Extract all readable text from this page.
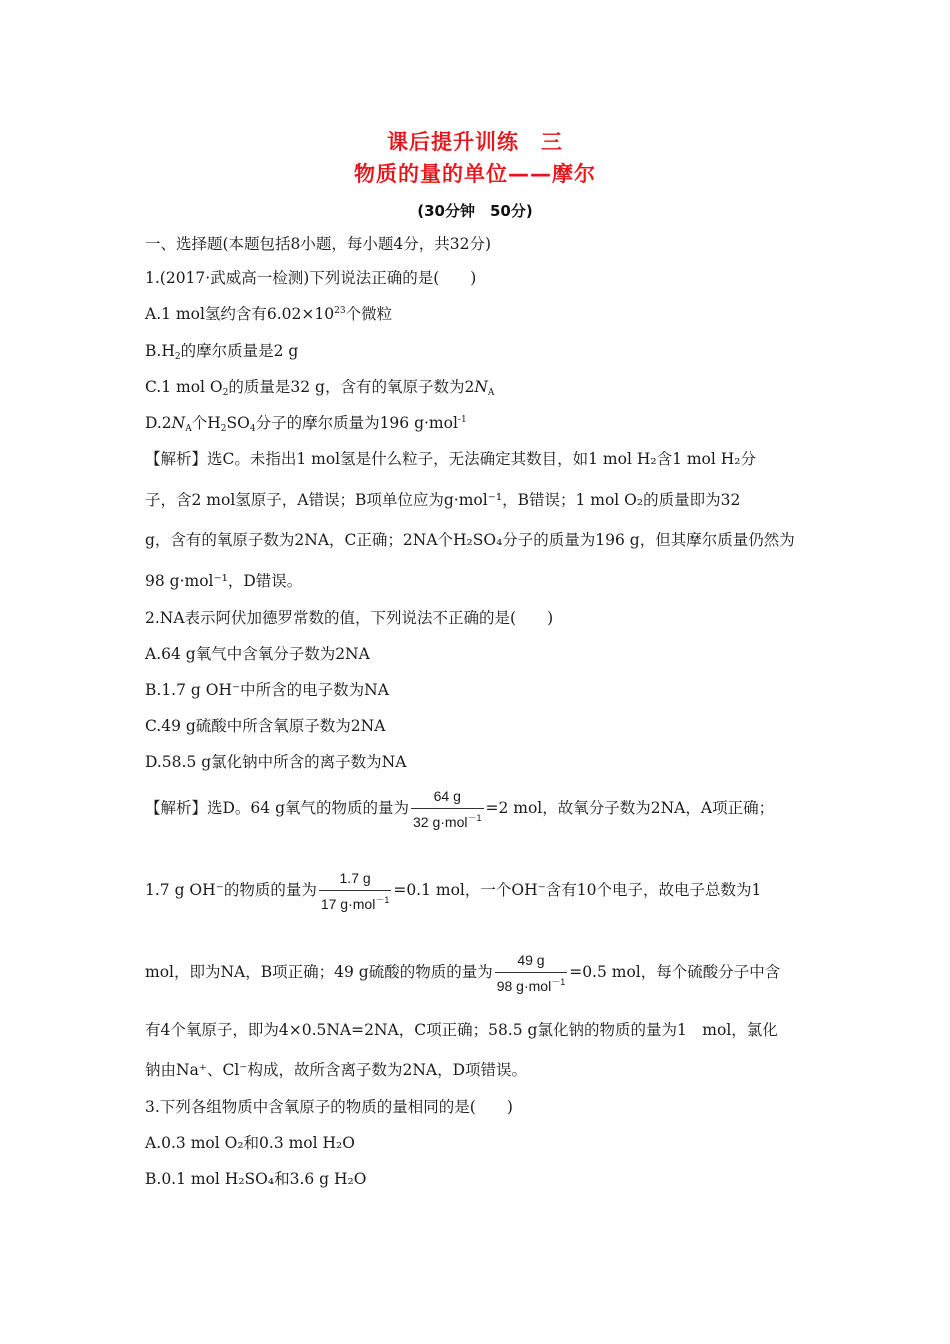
课后提升训练　三
物质的量的单位——摩尔
(30分钟　50分)
一、选择题(本题包括8小题，每小题4分，共32分)
1.(2017·武威高一检测)下列说法正确的是(　　)
A.1 mol氢约含有$6.02\times 10^{23}$个微粒
$B.H_2$的摩尔质量是2 g
C.1 mol $O_2$的质量是32 g，含有的氧原子数为$2N_A$
$D.2N_A$个$H_2SO_4$分子的摩尔质量为196 g·mol$^{-1}$
【解析】选C。未指出1 mol氢是什么粒子，无法确定其数目，如1 mol H₂含1 mol H₂分
子，含2 mol氢原子，A错误；B项单位应为g·mol⁻¹，B错误；1 mol O₂的质量即为32
g，含有的氧原子数为2NA，C正确；2NA个H₂SO₄分子的质量为196 g，但其摩尔质量仍然为
98 g·mol⁻¹，D错误。
2.NA表示阿伏加德罗常数的值，下列说法不正确的是(　　)
A.64 g氧气中含氧分子数为2NA
B.1.7 g OH⁻中所含的电子数为NA
C.49 g硫酸中所含氧原子数为2NA
D.58.5 g氯化钠中所含的离子数为NA
【解析】选D。64 g氧气的物质的量为 $\frac{64 g}{32 g\cdot mol^{-1}} =2$ mol，故氧分子数为2NA，A项正确；
1.7 g OH⁻的物质的量为 $\frac{1.7 g}{17 g\cdot mol^{-1}} =0.1$ mol，一个OH⁻含有10个电子，故电子总数为1
mol，即为NA，B项正确；49 g硫酸的物质的量为 $\frac{49 g}{98 g\cdot mol^{-1}} =0.5$ mol，每个硫酸分子中含
有4个氧原子，即为4×0.5NA=2NA，C项正确；58.5 g氯化钠的物质的量为1　mol，氯化
钠由Na⁺、Cl⁻构成，故所含离子数为2NA，D项错误。
3.下列各组物质中含氧原子的物质的量相同的是(　　)
A.0.3 mol O₂和0.3 mol H₂O
B.0.1 mol H₂SO₄和3.6 g H₂O
